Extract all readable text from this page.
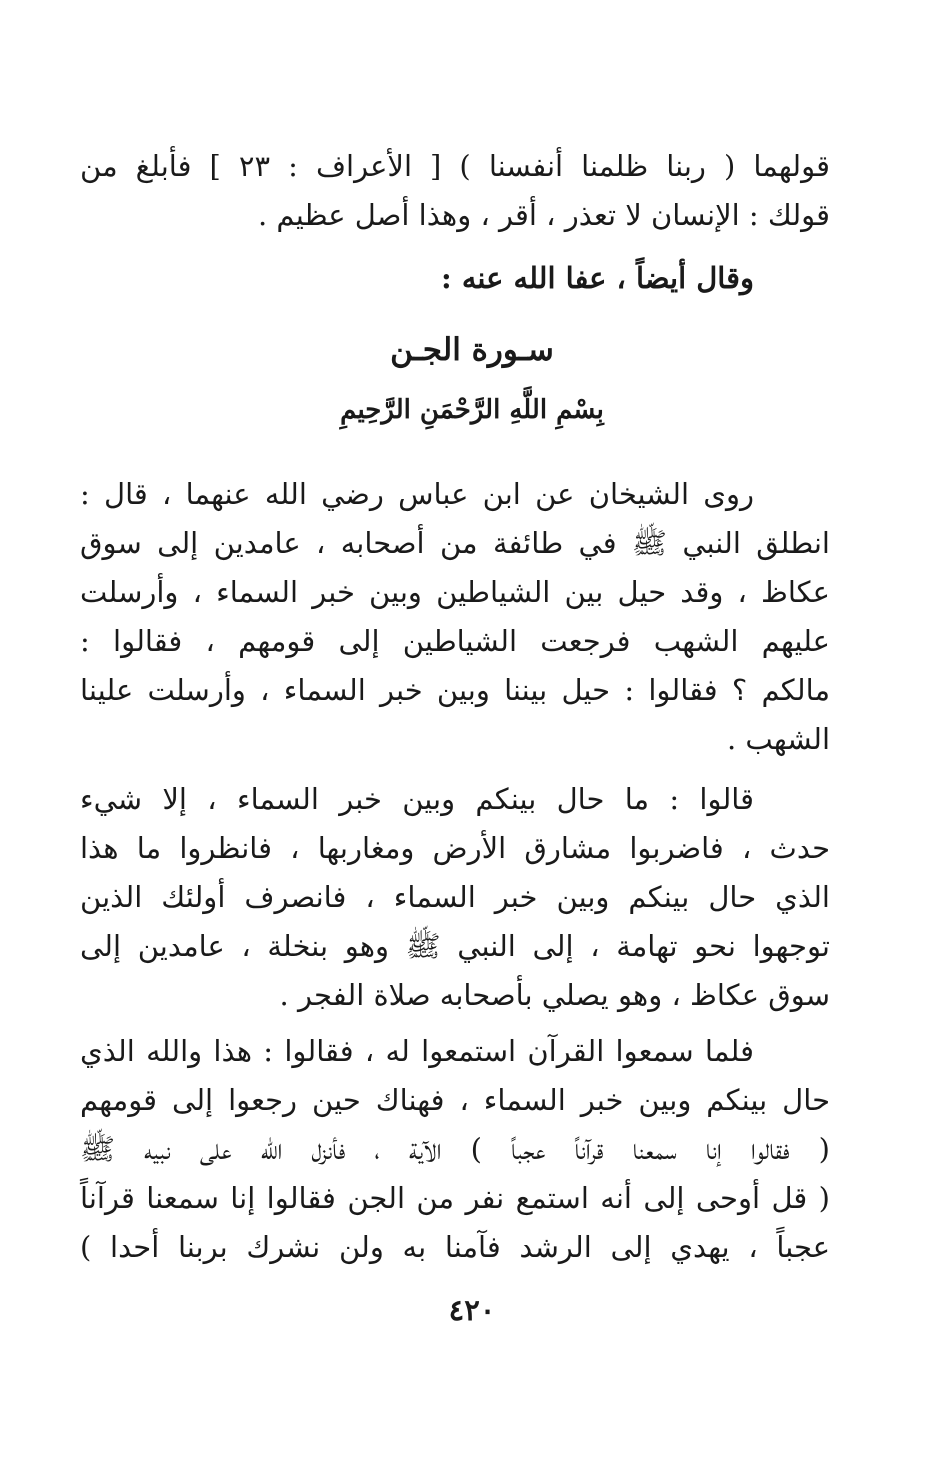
قولهما ( ربنا ظلمنا أنفسنا ) [ الأعراف : ٢٣ ] فأبلغ من
قولك : الإنسان لا تعذر ، أقر ، وهذا أصل عظيم .
وقال أيضاً ، عفا الله عنه :
سـورة الجـن
بِسْمِ اللَّهِ الرَّحْمَنِ الرَّحِيمِ
روى الشيخان عن ابن عباس رضي الله عنهما ، قال :
انطلق النبي ﷺ في طائفة من أصحابه ، عامدين إلى سوق
عكاظ ، وقد حيل بين الشياطين وبين خبر السماء ، وأرسلت
عليهم الشهب فرجعت الشياطين إلى قومهم ، فقالوا :
مالكم ؟ فقالوا : حيل بيننا وبين خبر السماء ، وأرسلت علينا
الشهب .
قالوا : ما حال بينكم وبين خبر السماء ، إلا شيء
حدث ، فاضربوا مشارق الأرض ومغاربها ، فانظروا ما هذا
الذي حال بينكم وبين خبر السماء ، فانصرف أولئك الذين
توجهوا نحو تهامة ، إلى النبي ﷺ وهو بنخلة ، عامدين إلى
سوق عكاظ ، وهو يصلي بأصحابه صلاة الفجر .
فلما سمعوا القرآن استمعوا له ، فقالوا : هذا والله الذي
حال بينكم وبين خبر السماء ، فهناك حين رجعوا إلى قومهم
( فقالوا إنا سمعنا قرآناً عجباً ) الآية ، فأنزل الله على نبيه ﷺ
( قل أوحى إلى أنه استمع نفر من الجن فقالوا إنا سمعنا قرآناً
عجباً ، يهدي إلى الرشد فآمنا به ولن نشرك بربنا أحدا )
٤٢٠
